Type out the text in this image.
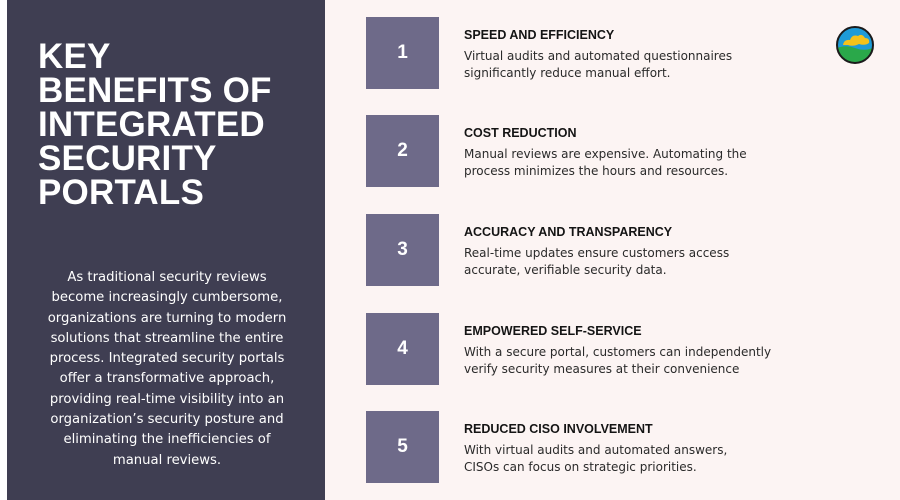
KEY
BENEFITS OF
INTEGRATED
SECURITY
PORTALS

As traditional security reviews
become increasingly cumbersome,
organizations are turning to modern
solutions that streamline the entire
process. Integrated security portals
offer a transformative approach,
providing real-time visibility into an
organization’s security posture and
eliminating the inefficiencies of
manual reviews.

1
SPEED AND EFFICIENCY
Virtual audits and automated questionnaires
significantly reduce manual effort.
2
COST REDUCTION
Manual reviews are expensive. Automating the
process minimizes the hours and resources.
3
ACCURACY AND TRANSPARENCY
Real-time updates ensure customers access
accurate, verifiable security data.
4
EMPOWERED SELF-SERVICE
With a secure portal, customers can independently
verify security measures at their convenience
5
REDUCED CISO INVOLVEMENT
With virtual audits and automated answers,
CISOs can focus on strategic priorities.
